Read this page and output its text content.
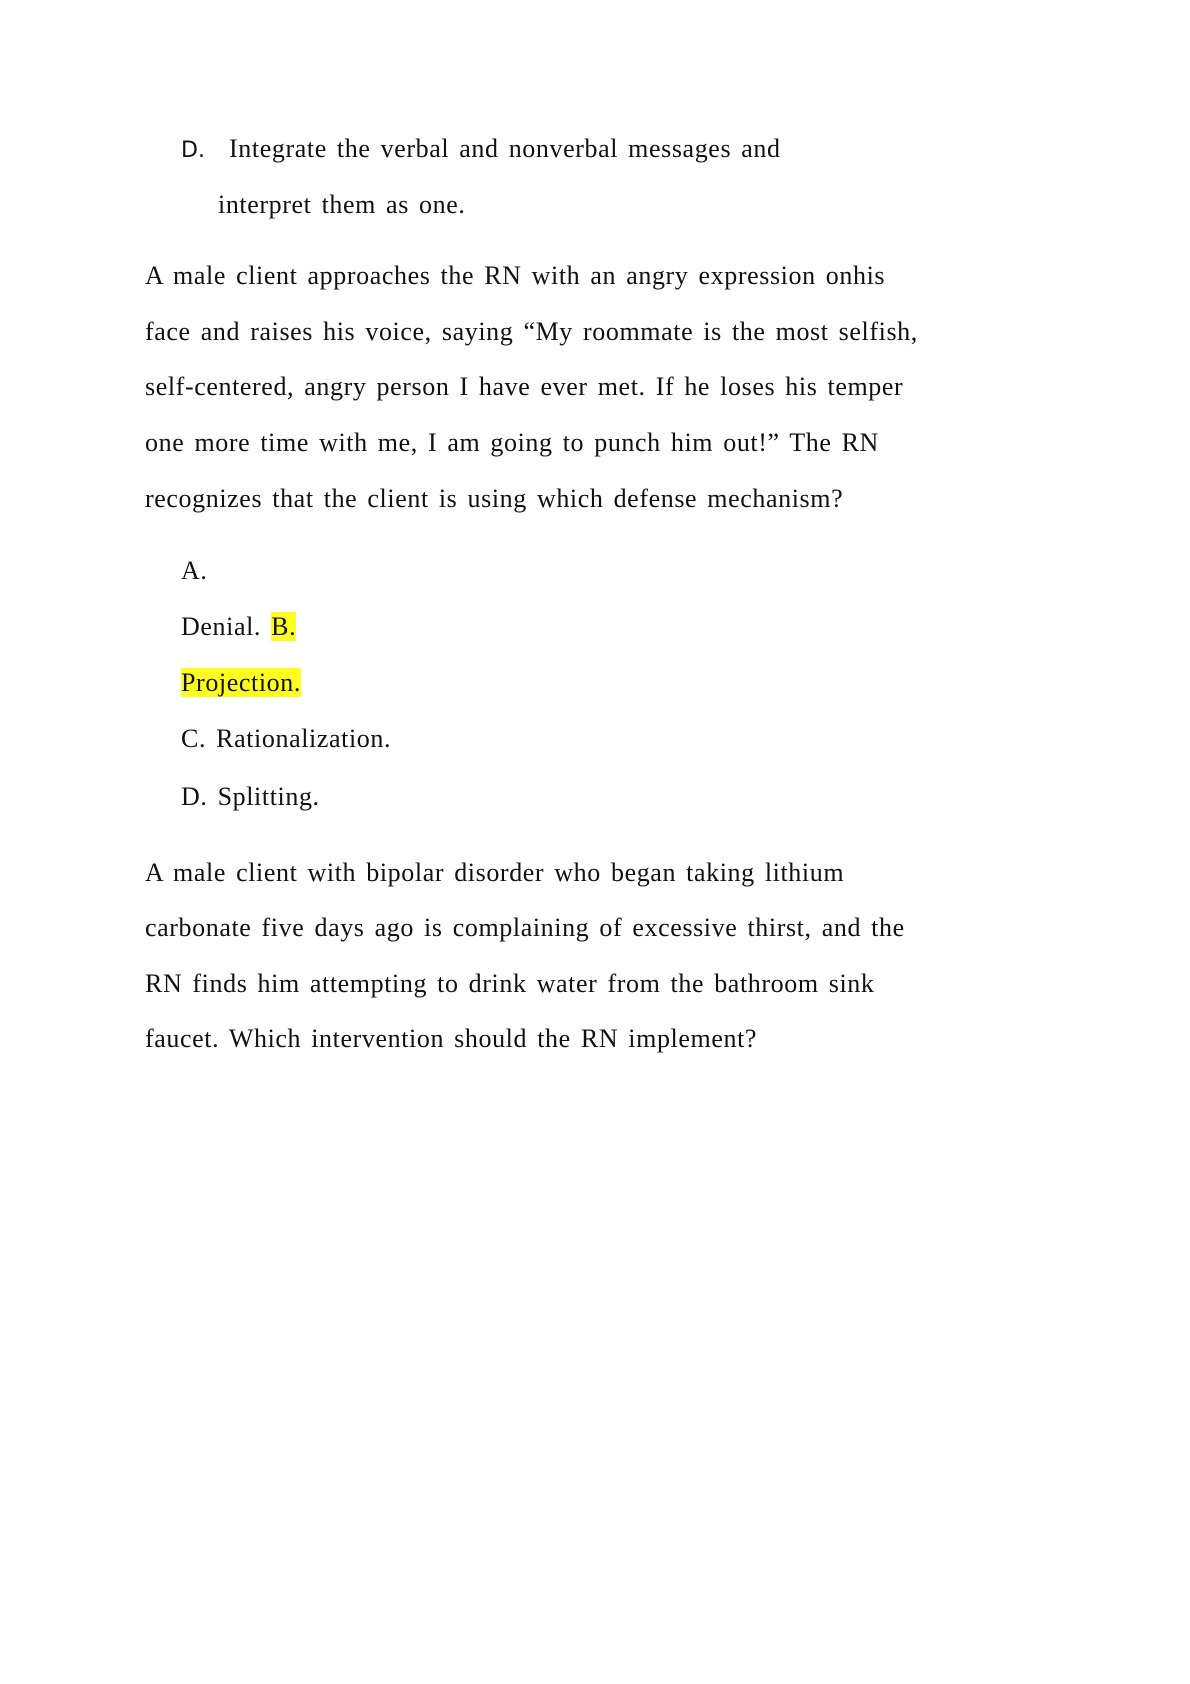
D. Integrate the verbal and nonverbal messages and
interpret them as one.
A male client approaches the RN with an angry expression onhis
face and raises his voice, saying “My roommate is the most selfish,
self-centered, angry person I have ever met. If he loses his temper
one more time with me, I am going to punch him out!” The RN
recognizes that the client is using which defense mechanism?
A.
Denial. B.
Projection.
C. Rationalization.
D. Splitting.
A male client with bipolar disorder who began taking lithium
carbonate five days ago is complaining of excessive thirst, and the
RN finds him attempting to drink water from the bathroom sink
faucet. Which intervention should the RN implement?
